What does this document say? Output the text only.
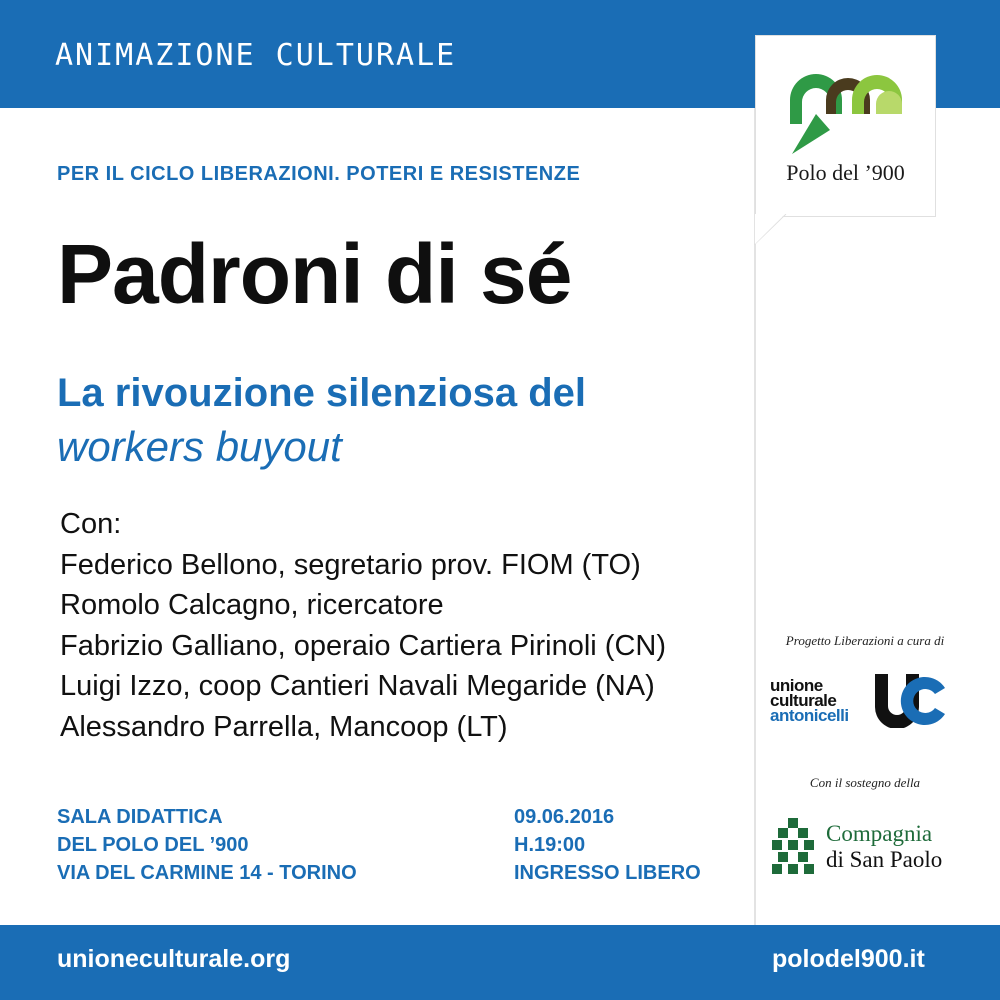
ANIMAZIONE CULTURALE
Polo del ’900
PER IL CICLO LIBERAZIONI. POTERI E RESISTENZE
Padroni di sé
La rivouzione silenziosa del
workers buyout
Con:
Federico Bellono, segretario prov. FIOM (TO)
Romolo Calcagno, ricercatore
Fabrizio Galliano, operaio Cartiera Pirinoli (CN)
Luigi Izzo, coop Cantieri Navali Megaride (NA)
Alessandro Parrella, Mancoop (LT)
SALA DIDATTICA
DEL POLO DEL ’900
VIA DEL CARMINE 14 - TORINO
09.06.2016
H.19:00
INGRESSO LIBERO
Progetto Liberazioni a cura di
unione
culturale
antonicelli
Con il sostegno della
Compagnia
di San Paolo
unioneculturale.org	polodel900.it
